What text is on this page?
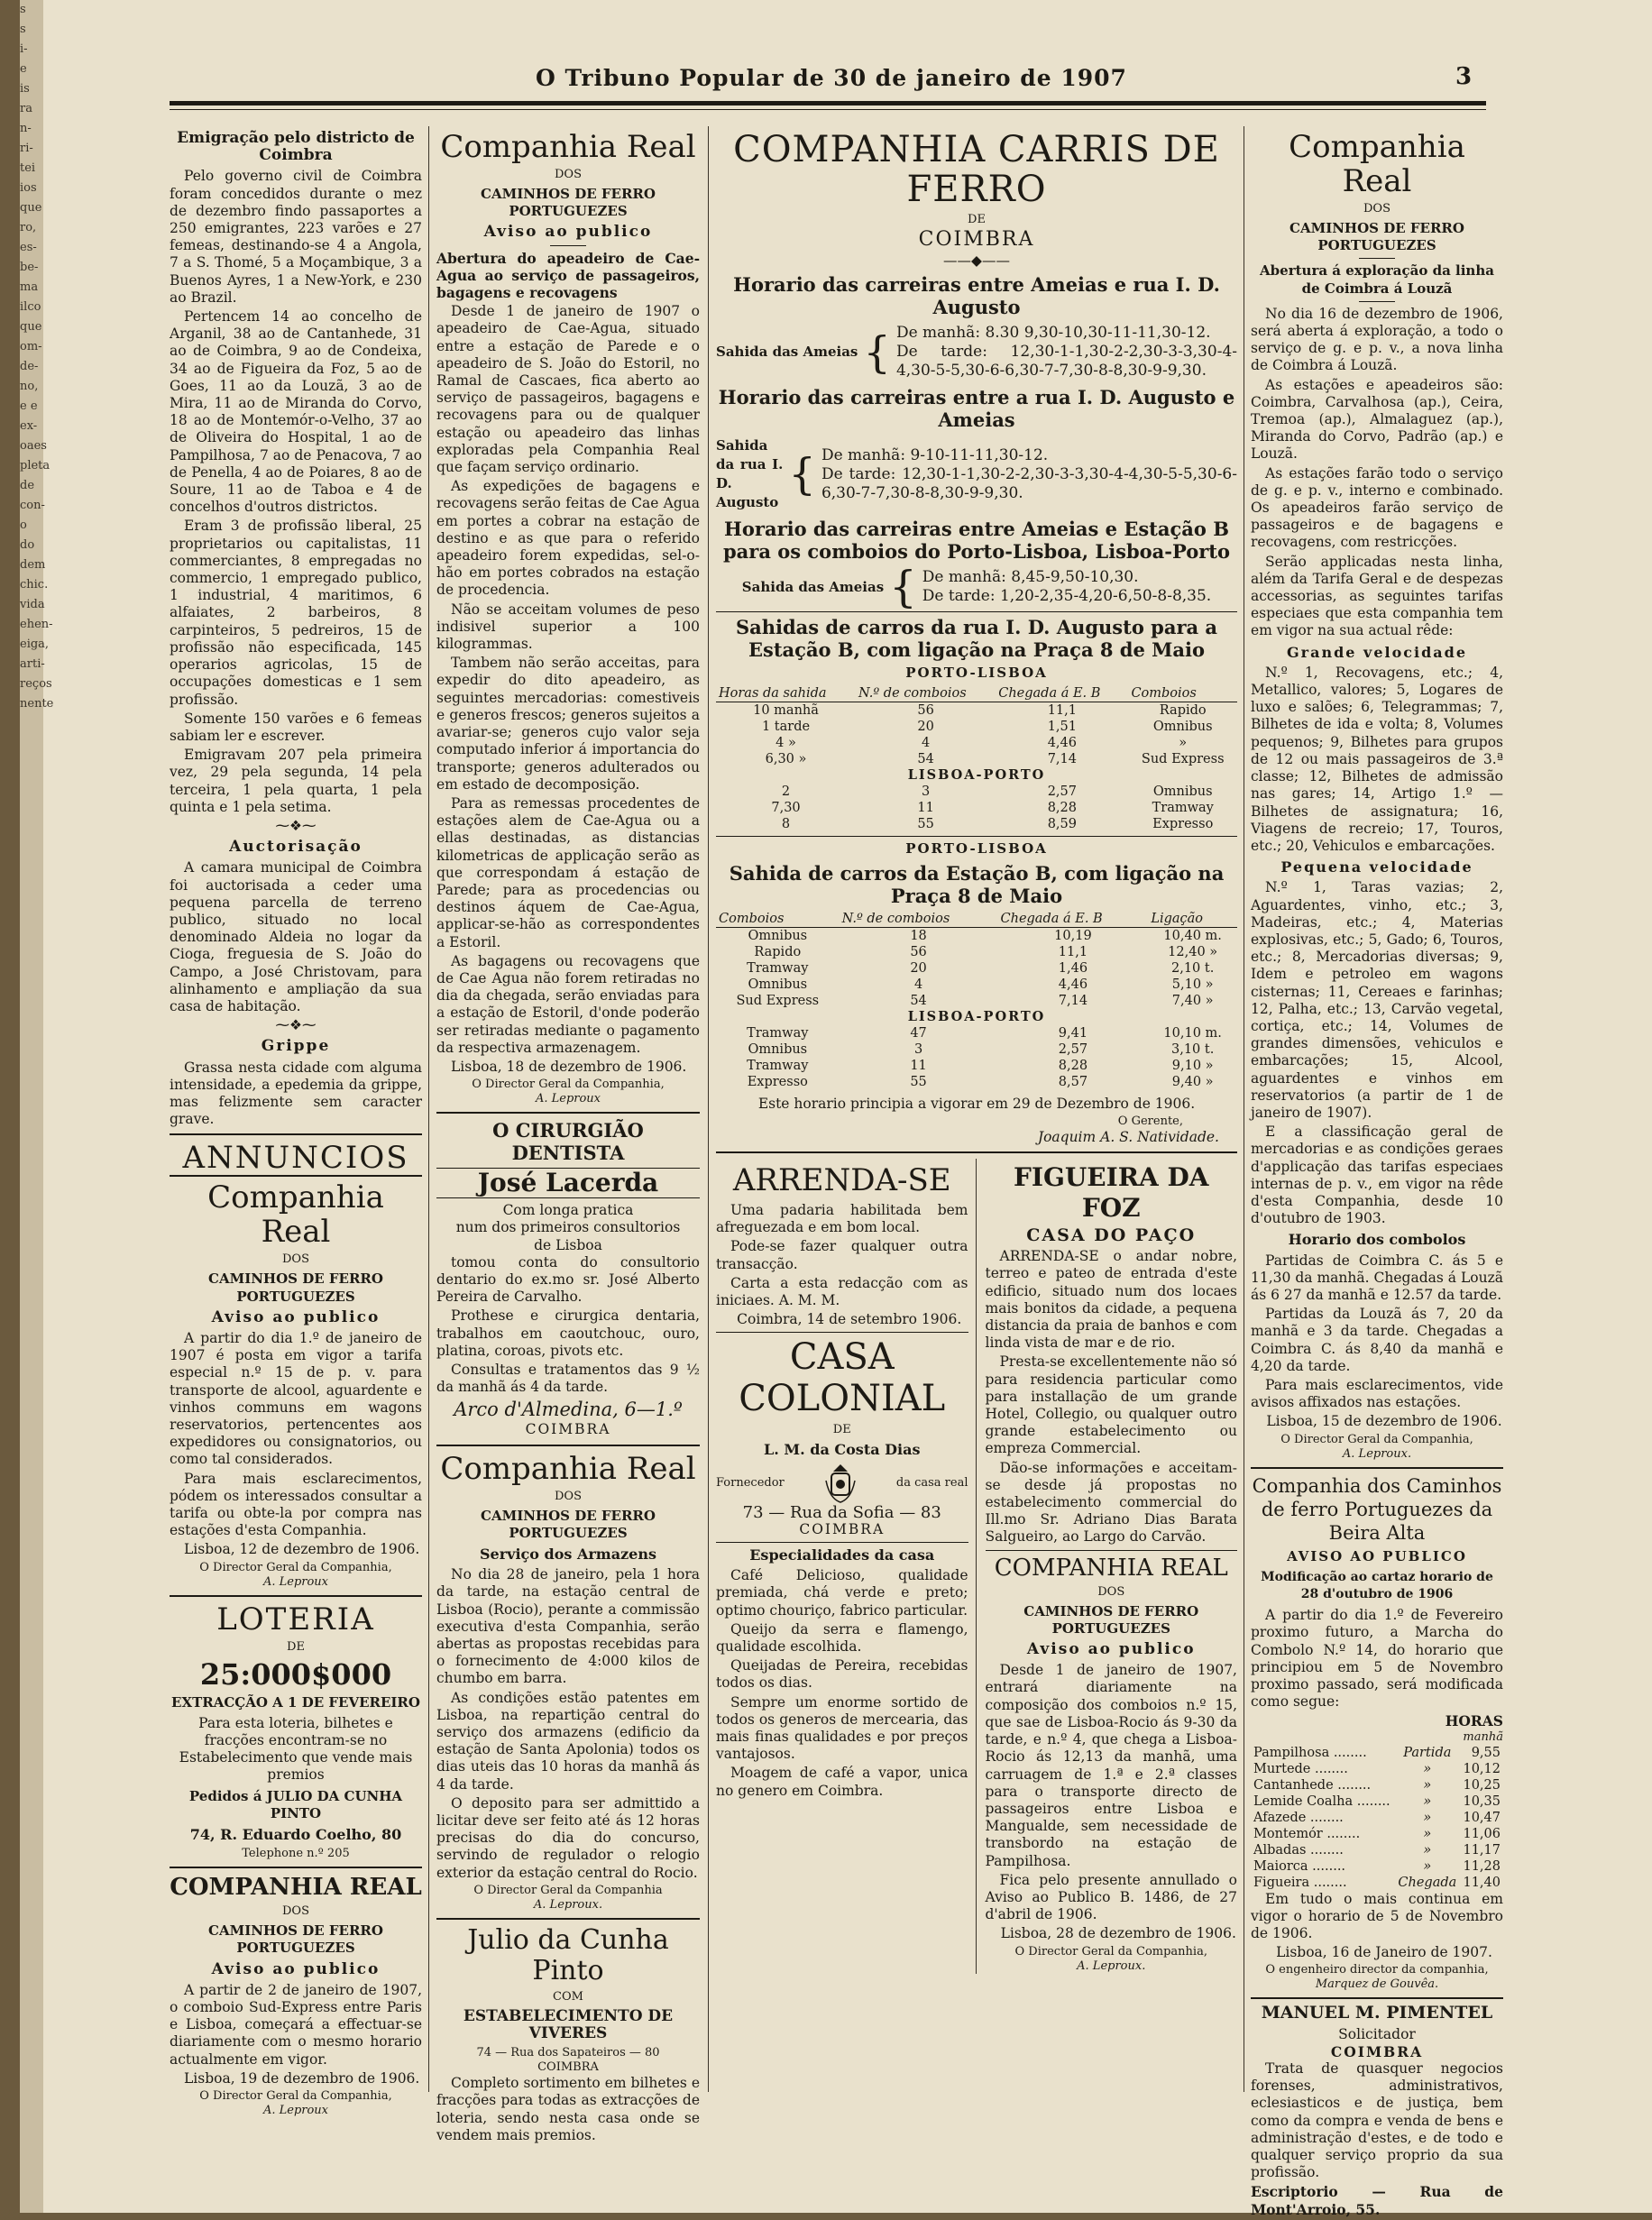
s
s
i-
e
is
ra
n-
ri-
tei
ios
que
ro,
es-
be-
ma
ilco
que
om-
de-
no,
e e
ex-
oaes
pleta
de
con-
o do
dem
chic.
vida
ehen-
eiga,
arti-
reços
nente
O Tribuno Popular de 30 de janeiro de 1907	3
Emigração pelo districto de Coimbra

Pelo governo civil de Coimbra foram concedidos durante o mez de dezembro findo passaportes a 250 emigrantes, 223 varões e 27 femeas, destinando-se 4 a Angola, 7 a S. Thomé, 5 a Moçambique, 3 a Buenos Ayres, 1 a New-York, e 230 ao Brazil.

Pertencem 14 ao concelho de Arganil, 38 ao de Cantanhede, 31 ao de Coimbra, 9 ao de Condeixa, 34 ao de Figueira da Foz, 5 ao de Goes, 11 ao da Louzã, 3 ao de Mira, 11 ao de Miranda do Corvo, 18 ao de Montemór-o-Velho, 37 ao de Oliveira do Hospital, 1 ao de Pampilhosa, 7 ao de Penacova, 7 ao de Penella, 4 ao de Poiares, 8 ao de Soure, 11 ao de Taboa e 4 de concelhos d'outros districtos.

Eram 3 de profissão liberal, 25 proprietarios ou capitalistas, 11 commerciantes, 8 empregadas no commercio, 1 empregado publico, 1 industrial, 4 maritimos, 6 alfaiates, 2 barbeiros, 8 carpinteiros, 5 pedreiros, 15 de profissão não especificada, 145 operarios agricolas, 15 de occupações domesticas e 1 sem profissão.

Somente 150 varões e 6 femeas sabiam ler e escrever.

Emigravam 207 pela primeira vez, 29 pela segunda, 14 pela terceira, 1 pela quarta, 1 pela quinta e 1 pela setima.

⁓❖⁓
Auctorisação

A camara municipal de Coimbra foi auctorisada a ceder uma pequena parcella de terreno publico, situado no local denominado Aldeia no logar da Cioga, freguesia de S. João do Campo, a José Christovam, para alinhamento e ampliação da sua casa de habitação.

⁓❖⁓
Grippe

Grassa nesta cidade com alguma intensidade, a epedemia da grippe, mas felizmente sem caracter grave.

ANNUNCIOS
Companhia Real
DOS
CAMINHOS DE FERRO PORTUGUEZES
Aviso ao publico

A partir do dia 1.º de janeiro de 1907 é posta em vigor a tarifa especial n.º 15 de p. v. para transporte de alcool, aguardente e vinhos communs em wagons reservatorios, pertencentes aos expedidores ou consignatorios, ou como tal considerados.

Para mais esclarecimentos, pódem os interessados consultar a tarifa ou obte-la por compra nas estações d'esta Companhia.

Lisboa, 12 de dezembro de 1906.

O Director Geral da Companhia,
A. Leproux
LOTERIA
DE
25:000$000
EXTRACÇÃO A 1 DE FEVEREIRO

Para esta loteria, bilhetes e fracções encontram-se no Estabelecimento que vende mais premios

Pedidos á JULIO DA CUNHA PINTO
74, R. Eduardo Coelho, 80
Telephone n.º 205
COMPANHIA REAL
DOS
CAMINHOS DE FERRO PORTUGUEZES
Aviso ao publico

A partir de 2 de janeiro de 1907, o comboio Sud-Express entre Paris e Lisboa, começará a effectuar-se diariamente com o mesmo horario actualmente em vigor.

Lisboa, 19 de dezembro de 1906.

O Director Geral da Companhia,
A. Leproux
Companhia Real
DOS
CAMINHOS DE FERRO PORTUGUEZES
Aviso ao publico

Abertura do apeadeiro de Cae-Agua ao serviço de passageiros, bagagens e recovagens

Desde 1 de janeiro de 1907 o apeadeiro de Cae-Agua, situado entre a estação de Parede e o apeadeiro de S. João do Estoril, no Ramal de Cascaes, fica aberto ao serviço de passageiros, bagagens e recovagens para ou de qualquer estação ou apeadeiro das linhas exploradas pela Companhia Real que façam serviço ordinario.

As expedições de bagagens e recovagens serão feitas de Cae Agua em portes a cobrar na estação de destino e as que para o referido apeadeiro forem expedidas, sel-o-hão em portes cobrados na estação de procedencia.

Não se acceitam volumes de peso indisivel superior a 100 kilogrammas.

Tambem não serão acceitas, para expedir do dito apeadeiro, as seguintes mercadorias: comestiveis e generos frescos; generos sujeitos a avariar-se; generos cujo valor seja computado inferior á importancia do transporte; generos adulterados ou em estado de decomposição.

Para as remessas procedentes de estações alem de Cae-Agua ou a ellas destinadas, as distancias kilometricas de applicação serão as que correspondam á estação de Parede; para as procedencias ou destinos áquem de Cae-Agua, applicar-se-hão as correspondentes a Estoril.

As bagagens ou recovagens que de Cae Agua não forem retiradas no dia da chegada, serão enviadas para a estação de Estoril, d'onde poderão ser retiradas mediante o pagamento da respectiva armazenagem.

Lisboa, 18 de dezembro de 1906.

O Director Geral da Companhia,
A. Leproux
O CIRURGIÃO DENTISTA
José Lacerda
Com longa pratica
num dos primeiros consultorios
de Lisboa

tomou conta do consultorio dentario do ex.mo sr. José Alberto Pereira de Carvalho.

Prothese e cirurgica dentaria, trabalhos em caoutchouc, ouro, platina, coroas, pivots etc.

Consultas e tratamentos das 9 ½ da manhã ás 4 da tarde.

Arco d'Almedina, 6—1.º
COIMBRA
Companhia Real
DOS
CAMINHOS DE FERRO PORTUGUEZES
Serviço dos Armazens

No dia 28 de janeiro, pela 1 hora da tarde, na estação central de Lisboa (Rocio), perante a commissão executiva d'esta Companhia, serão abertas as propostas recebidas para o fornecimento de 4:000 kilos de chumbo em barra.

As condições estão patentes em Lisboa, na repartição central do serviço dos armazens (edificio da estação de Santa Apolonia) todos os dias uteis das 10 horas da manhã ás 4 da tarde.

O deposito para ser admittido a licitar deve ser feito até ás 12 horas precisas do dia do concurso, servindo de regulador o relogio exterior da estação central do Rocio.

O Director Geral da Companhia
A. Leproux.
Julio da Cunha Pinto
COM
ESTABELECIMENTO DE VIVERES
74 — Rua dos Sapateiros — 80
COIMBRA

Completo sortimento em bilhetes e fracções para todas as extracções de loteria, sendo nesta casa onde se vendem mais premios.

COMPANHIA CARRIS DE FERRO
DE
COIMBRA
——◆——
Horario das carreiras entre Ameias e rua I. D. Augusto
Sahida das Ameias { De manhã: 8.30 9,30-10,30-11-11,30-12.
De tarde: 12,30-1-1,30-2-2,30-3-3,30-4-4,30-5-5,30-6-6,30-7-7,30-8-8,30-9-9,30.
Horario das carreiras entre a rua I. D. Augusto e Ameias
Sahida da rua I. D. Augusto
{ De manhã: 9-10-11-11,30-12.
De tarde: 12,30-1-1,30-2-2,30-3-3,30-4-4,30-5-5,30-6-6,30-7-7,30-8-8,30-9-9,30.
Horario das carreiras entre Ameias e Estação B para os comboios do Porto-Lisboa, Lisboa-Porto
Sahida das Ameias { De manhã: 8,45-9,50-10,30.
De tarde: 1,20-2,35-4,20-6,50-8-8,35.
Sahidas de carros da rua I. D. Augusto para a Estação B, com ligação na Praça 8 de Maio
PORTO-LISBOA
Horas da sahida	N.º de comboios	Chegada á E. B	Comboios
10 manhã	56	11,1	Rapido
1 tarde	20	1,51	Omnibus
4 »	4	4,46	»
6,30 »	54	7,14	Sud Express
LISBOA-PORTO			
2	3	2,57	Omnibus
7,30	11	8,28	Tramway
8	55	8,59	Expresso
PORTO-LISBOA
Sahida de carros da Estação B, com ligação na Praça 8 de Maio
Comboios	N.º de comboios	Chegada á E. B	Ligação
Omnibus	18	10,19	10,40 m.
Rapido	56	11,1	12,40 »
Tramway	20	1,46	2,10 t.
Omnibus	4	4,46	5,10 »
Sud Express	54	7,14	7,40 »
LISBOA-PORTO			
Tramway	47	9,41	10,10 m.
Omnibus	3	2,57	3,10 t.
Tramway	11	8,28	9,10 »
Expresso	55	8,57	9,40 »

Este horario principia a vigorar em 29 de Dezembro de 1906.

O Gerente,
Joaquim A. S. Natividade.
ARRENDA-SE

Uma padaria habilitada bem afreguezada e em bom local.

Pode-se fazer qualquer outra transacção.

Carta a esta redacção com as iniciaes. A. M. M.

Coimbra, 14 de setembro 1906.

CASA COLONIAL
DE
L. M. da Costa Dias
Fornecedor	da casa real
73 — Rua da Sofia — 83
COIMBRA
Especialidades da casa

Café Delicioso, qualidade premiada, chá verde e preto; optimo chouriço, fabrico particular.

Queijo da serra e flamengo, qualidade escolhida.

Queijadas de Pereira, recebidas todos os dias.

Sempre um enorme sortido de todos os generos de mercearia, das mais finas qualidades e por preços vantajosos.

Moagem de café a vapor, unica no genero em Coimbra.

FIGUEIRA DA FOZ
CASA DO PAÇO

ARRENDA-SE o andar nobre, terreo e pateo de entrada d'este edificio, situado num dos locaes mais bonitos da cidade, a pequena distancia da praia de banhos e com linda vista de mar e de rio.

Presta-se excellentemente não só para residencia particular como para installação de um grande Hotel, Collegio, ou qualquer outro grande estabelecimento ou empreza Commercial.

Dão-se informações e acceitam-se desde já propostas no estabelecimento commercial do Ill.mo Sr. Adriano Dias Barata Salgueiro, ao Largo do Carvão.

COMPANHIA REAL
DOS
CAMINHOS DE FERRO PORTUGUEZES
Aviso ao publico

Desde 1 de janeiro de 1907, entrará diariamente na composição dos comboios n.º 15, que sae de Lisboa-Rocio ás 9-30 da tarde, e n.º 4, que chega a Lisboa-Rocio ás 12,13 da manhã, uma carruagem de 1.ª e 2.ª classes para o transporte directo de passageiros entre Lisboa e Mangualde, sem necessidade de transbordo na estação de Pampilhosa.

Fica pelo presente annullado o Aviso ao Publico B. 1486, de 27 d'abril de 1906.

Lisboa, 28 de dezembro de 1906.

O Director Geral da Companhia,
A. Leproux.
Companhia Real
DOS
CAMINHOS DE FERRO PORTUGUEZES
Abertura á exploração da linha de Coimbra á Louzã

No dia 16 de dezembro de 1906, será aberta á exploração, a todo o serviço de g. e p. v., a nova linha de Coimbra á Louzã.

As estações e apeadeiros são: Coimbra, Carvalhosa (ap.), Ceira, Tremoa (ap.), Almalaguez (ap.), Miranda do Corvo, Padrão (ap.) e Louzã.

As estações farão todo o serviço de g. e p. v., interno e combinado. Os apeadeiros farão serviço de passageiros e de bagagens e recovagens, com restricções.

Serão applicadas nesta linha, além da Tarifa Geral e de despezas accessorias, as seguintes tarifas especiaes que esta companhia tem em vigor na sua actual rêde:

Grande velocidade

N.º 1, Recovagens, etc.; 4, Metallico, valores; 5, Logares de luxo e salões; 6, Telegrammas; 7, Bilhetes de ida e volta; 8, Volumes pequenos; 9, Bilhetes para grupos de 12 ou mais passageiros de 3.ª classe; 12, Bilhetes de admissão nas gares; 14, Artigo 1.º — Bilhetes de assignatura; 16, Viagens de recreio; 17, Touros, etc.; 20, Vehiculos e embarcações.

Pequena velocidade

N.º 1, Taras vazias; 2, Aguardentes, vinho, etc.; 3, Madeiras, etc.; 4, Materias explosivas, etc.; 5, Gado; 6, Touros, etc.; 8, Mercadorias diversas; 9, Idem e petroleo em wagons cisternas; 11, Cereaes e farinhas; 12, Palha, etc.; 13, Carvão vegetal, cortiça, etc.; 14, Volumes de grandes dimensões, vehiculos e embarcações; 15, Alcool, aguardentes e vinhos em reservatorios (a partir de 1 de janeiro de 1907).

E a classificação geral de mercadorias e as condições geraes d'applicação das tarifas especiaes internas de p. v., em vigor na rêde d'esta Companhia, desde 10 d'outubro de 1903.

Horario dos combolos

Partidas de Coimbra C. ás 5 e 11,30 da manhã. Chegadas á Louzã ás 6 27 da manhã e 12.57 da tarde.

Partidas da Louzã ás 7, 20 da manhã e 3 da tarde. Chegadas a Coimbra C. ás 8,40 da manhã e 4,20 da tarde.

Para mais esclarecimentos, vide avisos affixados nas estações.

Lisboa, 15 de dezembro de 1906.

O Director Geral da Companhia,
A. Leproux.
Companhia dos Caminhos de ferro Portuguezes da Beira Alta
AVISO AO PUBLICO
Modificação ao cartaz horario de 28 d'outubro de 1906

A partir do dia 1.º de Fevereiro proximo futuro, a Marcha do Combolo N.º 14, do horario que principiou em 5 de Novembro proximo passado, será modificada como segue:

HORAS
manhã
Pampilhosa ........	Partida	9,55
Murtede ........	»	10,12
Cantanhede ........	»	10,25
Lemide Coalha ........	»	10,35
Afazede ........	»	10,47
Montemór ........	»	11,06
Albadas ........	»	11,17
Maiorca ........	»	11,28
Figueira ........	Chegada	11,40

Em tudo o mais continua em vigor o horario de 5 de Novembro de 1906.

Lisboa, 16 de Janeiro de 1907.

O engenheiro director da companhia,
Marquez de Gouvêa.
MANUEL M. PIMENTEL
Solicitador
COIMBRA

Trata de quasquer negocios forenses, administrativos, eclesiasticos e de justiça, bem como da compra e venda de bens e administração d'estes, e de todo e qualquer serviço proprio da sua profissão.

Escriptorio — Rua de Mont'Arroio, 55.
